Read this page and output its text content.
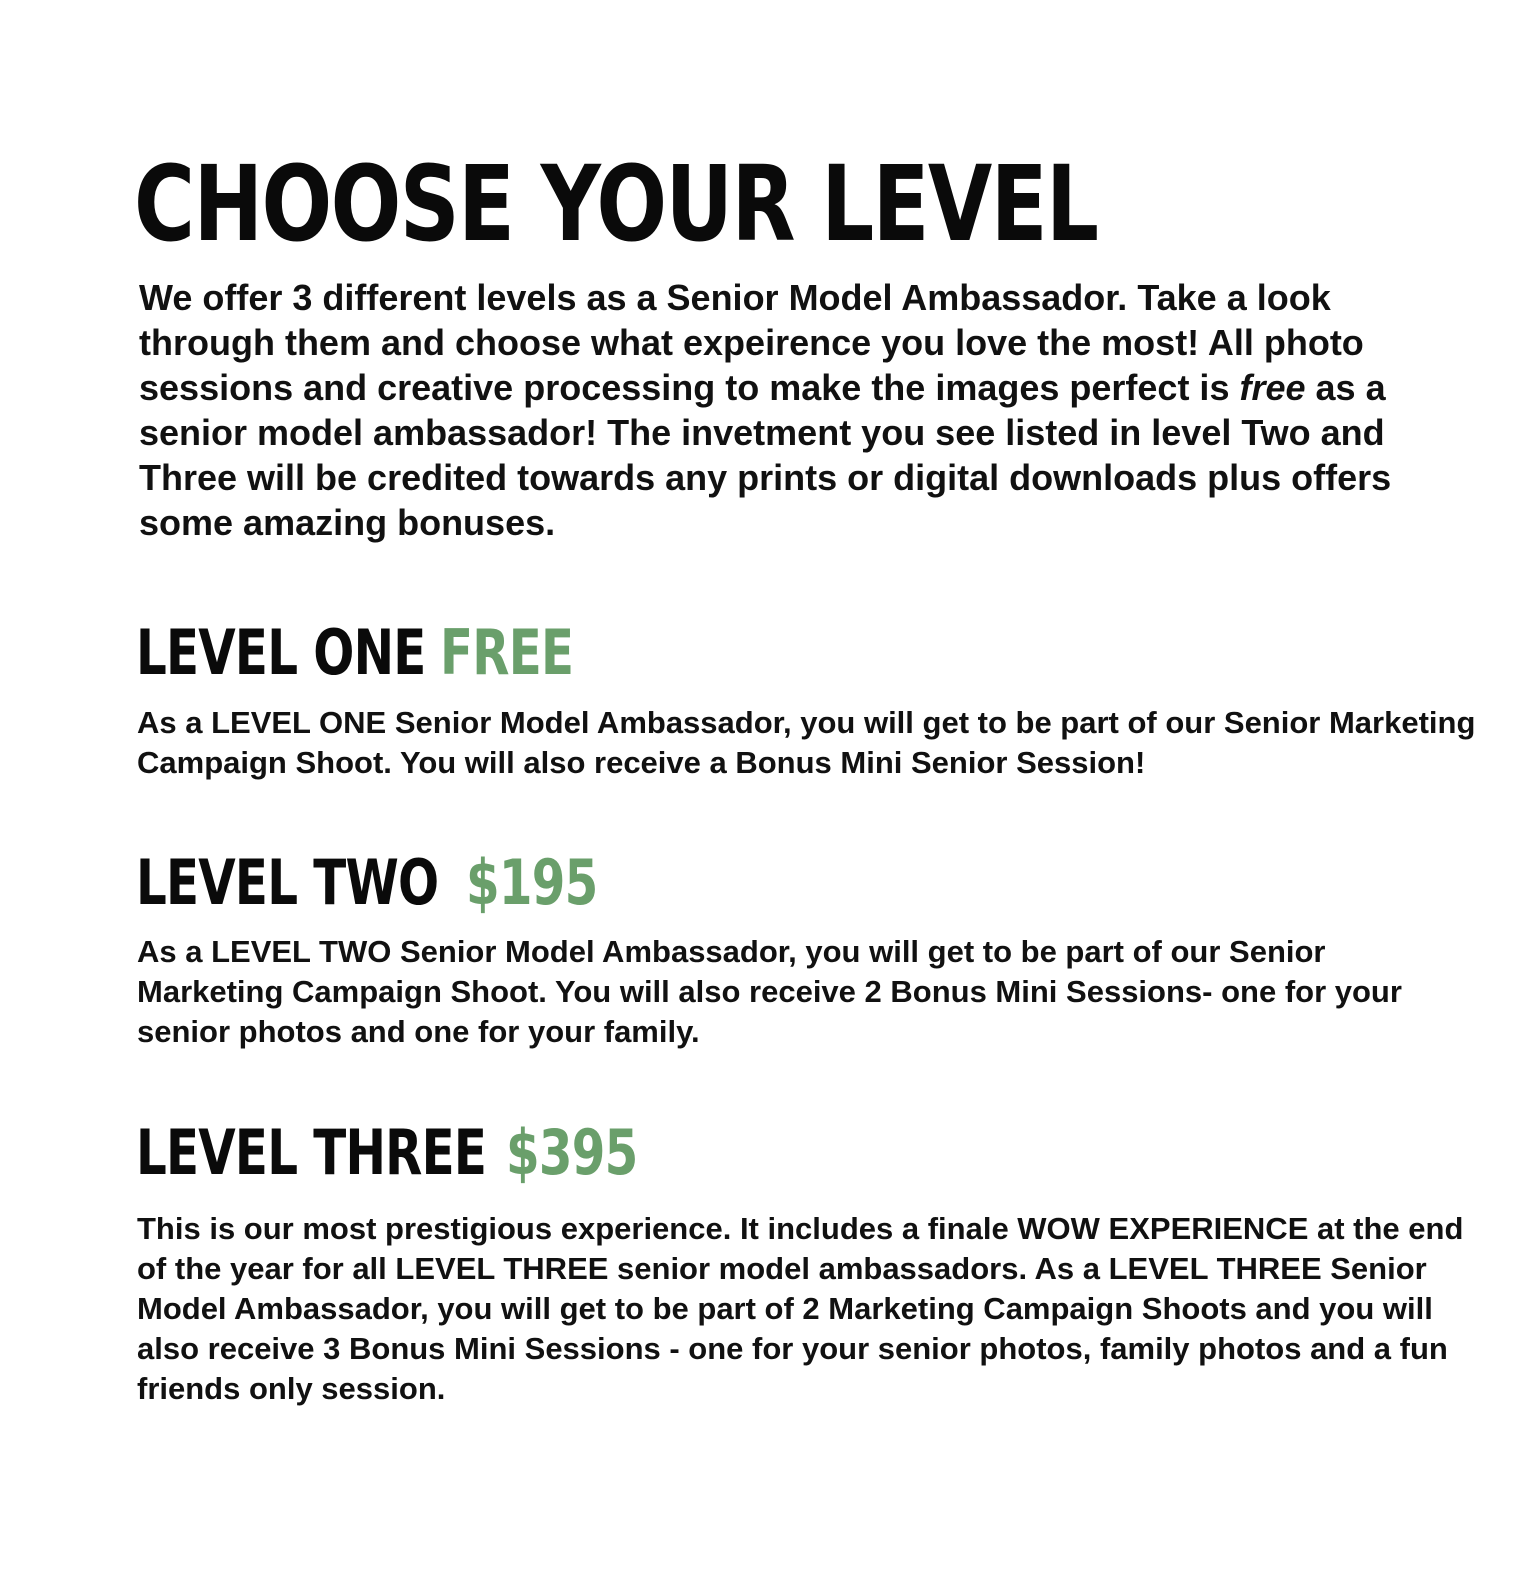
CHOOSE YOUR LEVEL

We offer 3 different levels as a Senior Model Ambassador. Take a look through them and choose what expeirence you love the most! All photo sessions and creative processing to make the images perfect is free as a senior model ambassador! The invetment you see listed in level Two and Three will be credited towards any prints or digital downloads plus offers some amazing bonuses.

LEVEL ONE FREE

As a LEVEL ONE Senior Model Ambassador, you will get to be part of our Senior Marketing Campaign Shoot. You will also receive a Bonus Mini Senior Session!

LEVEL TWO $195

As a LEVEL TWO Senior Model Ambassador, you will get to be part of our Senior Marketing Campaign Shoot. You will also receive 2 Bonus Mini Sessions- one for your senior photos and one for your family.

LEVEL THREE $395

This is our most prestigious experience. It includes a finale WOW EXPERIENCE at the end of the year for all LEVEL THREE senior model ambassadors. As a LEVEL THREE Senior Model Ambassador, you will get to be part of 2 Marketing Campaign Shoots and you will also receive 3 Bonus Mini Sessions - one for your senior photos, family photos and a fun friends only session.
